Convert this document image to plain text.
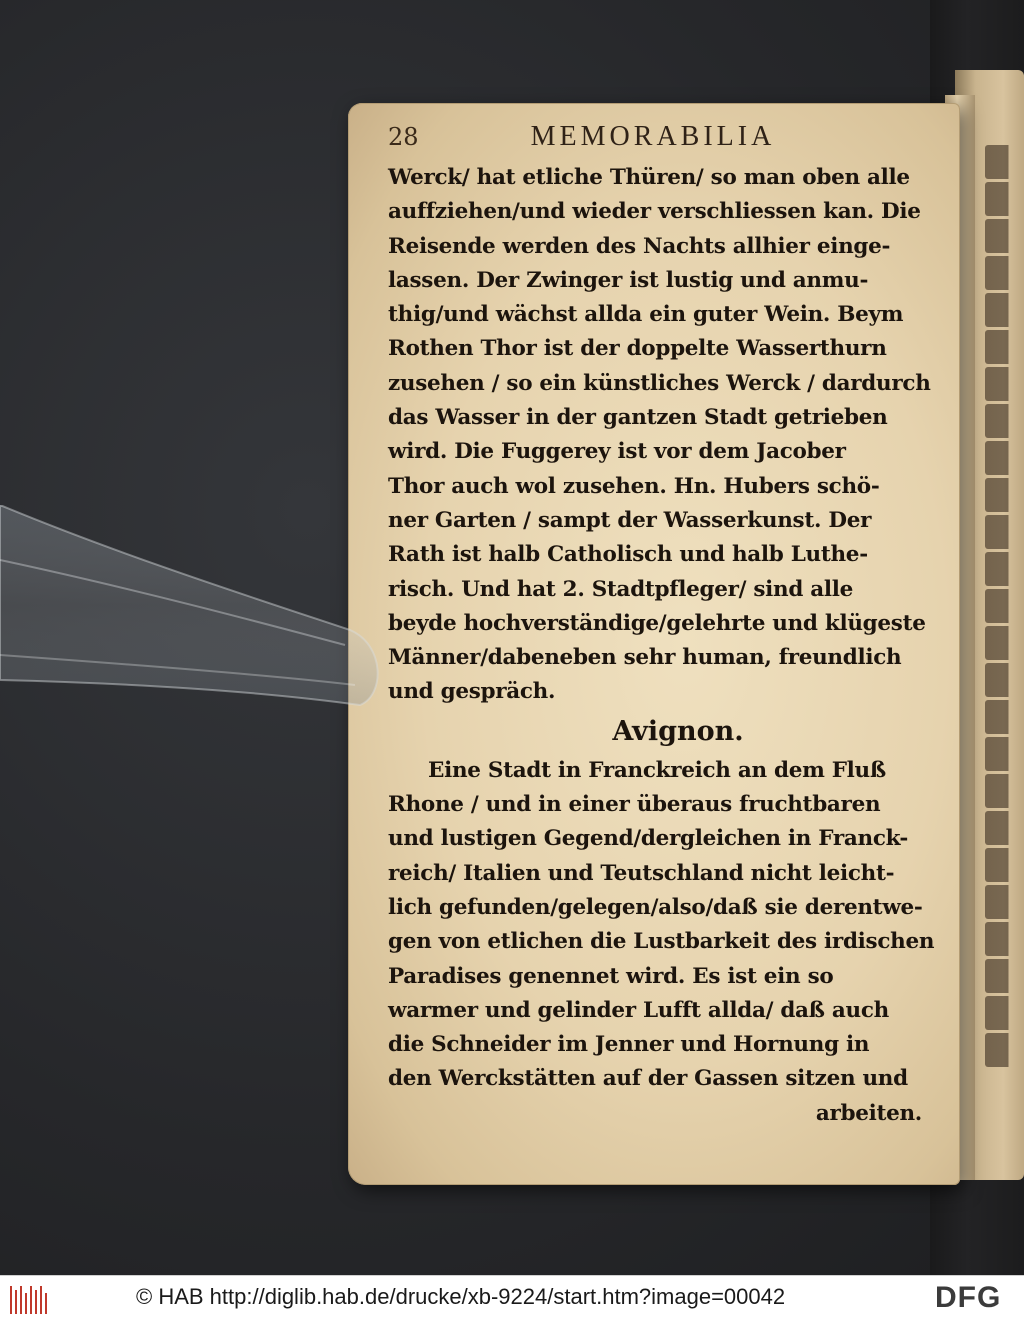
28	MEMORABILIA
Werck/ hat etliche Thüren/ so man oben alle
auffziehen/und wieder verschliessen kan. Die
Reisende werden des Nachts allhier einge-
lassen. Der Zwinger ist lustig und anmu-
thig/und wächst allda ein guter Wein. Beym
Rothen Thor ist der doppelte Wasserthurn
zusehen / so ein künstliches Werck / dardurch
das Wasser in der gantzen Stadt getrieben
wird. Die Fuggerey ist vor dem Jacober
Thor auch wol zusehen. Hn. Hubers schö-
ner Garten / sampt der Wasserkunst. Der
Rath ist halb Catholisch und halb Luthe-
risch. Und hat 2. Stadtpfleger/ sind alle
beyde hochverständige/gelehrte und klügeste
Männer/dabeneben sehr human, freundlich
und gespräch.
Avignon.
Eine Stadt in Franckreich an dem Fluß
Rhone / und in einer überaus fruchtbaren
und lustigen Gegend/dergleichen in Franck-
reich/ Italien und Teutschland nicht leicht-
lich gefunden/gelegen/also/daß sie derentwe-
gen von etlichen die Lustbarkeit des irdischen
Paradises genennet wird. Es ist ein so
warmer und gelinder Lufft allda/ daß auch
die Schneider im Jenner und Hornung in
den Werckstätten auf der Gassen sitzen und
arbeiten.
© HAB http://diglib.hab.de/drucke/xb-9224/start.htm?image=00042	DFG
